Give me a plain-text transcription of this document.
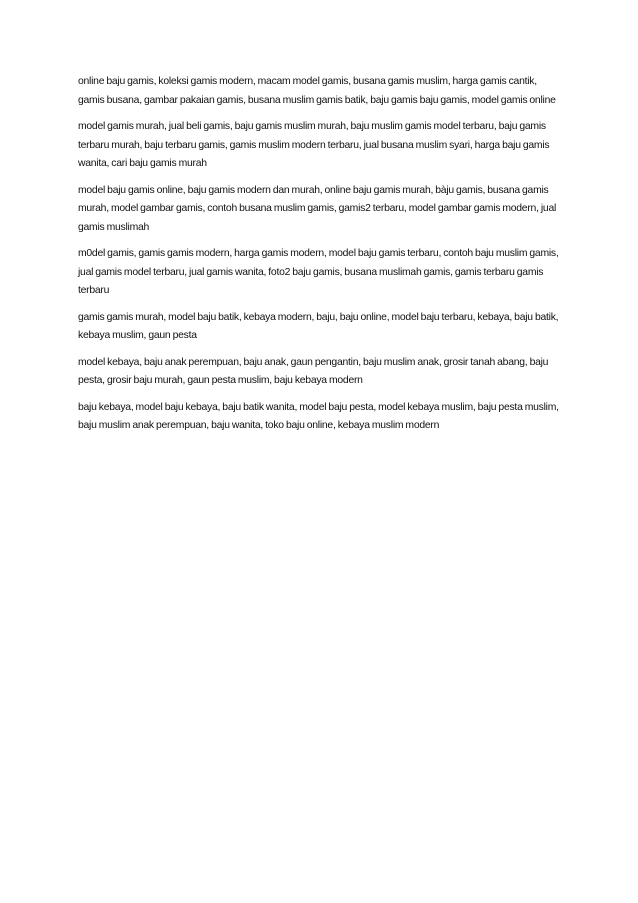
online baju gamis, koleksi gamis modern, macam model gamis, busana gamis muslim, harga gamis cantik, gamis busana, gambar pakaian gamis, busana muslim gamis batik, baju gamis baju gamis, model gamis online

model gamis murah, jual beli gamis, baju gamis muslim murah, baju muslim gamis model terbaru, baju gamis terbaru murah, baju terbaru gamis, gamis muslim modern terbaru, jual busana muslim syari, harga baju gamis wanita, cari baju gamis murah

model baju gamis online, baju gamis modern dan murah, online baju gamis murah, bàju gamis, busana gamis murah, model gambar gamis, contoh busana muslim gamis, gamis2 terbaru, model gambar gamis modern, jual gamis muslimah

m0del gamis, gamis gamis modern, harga gamis modern, model baju gamis terbaru, contoh baju muslim gamis, jual gamis model terbaru, jual gamis wanita, foto2 baju gamis, busana muslimah gamis, gamis terbaru gamis terbaru

gamis gamis murah, model baju batik, kebaya modern, baju, baju online, model baju terbaru, kebaya, baju batik, kebaya muslim, gaun pesta

model kebaya, baju anak perempuan, baju anak, gaun pengantin, baju muslim anak, grosir tanah abang, baju pesta, grosir baju murah, gaun pesta muslim, baju kebaya modern

baju kebaya, model baju kebaya, baju batik wanita, model baju pesta, model kebaya muslim, baju pesta muslim, baju muslim anak perempuan, baju wanita, toko baju online, kebaya muslim modern
